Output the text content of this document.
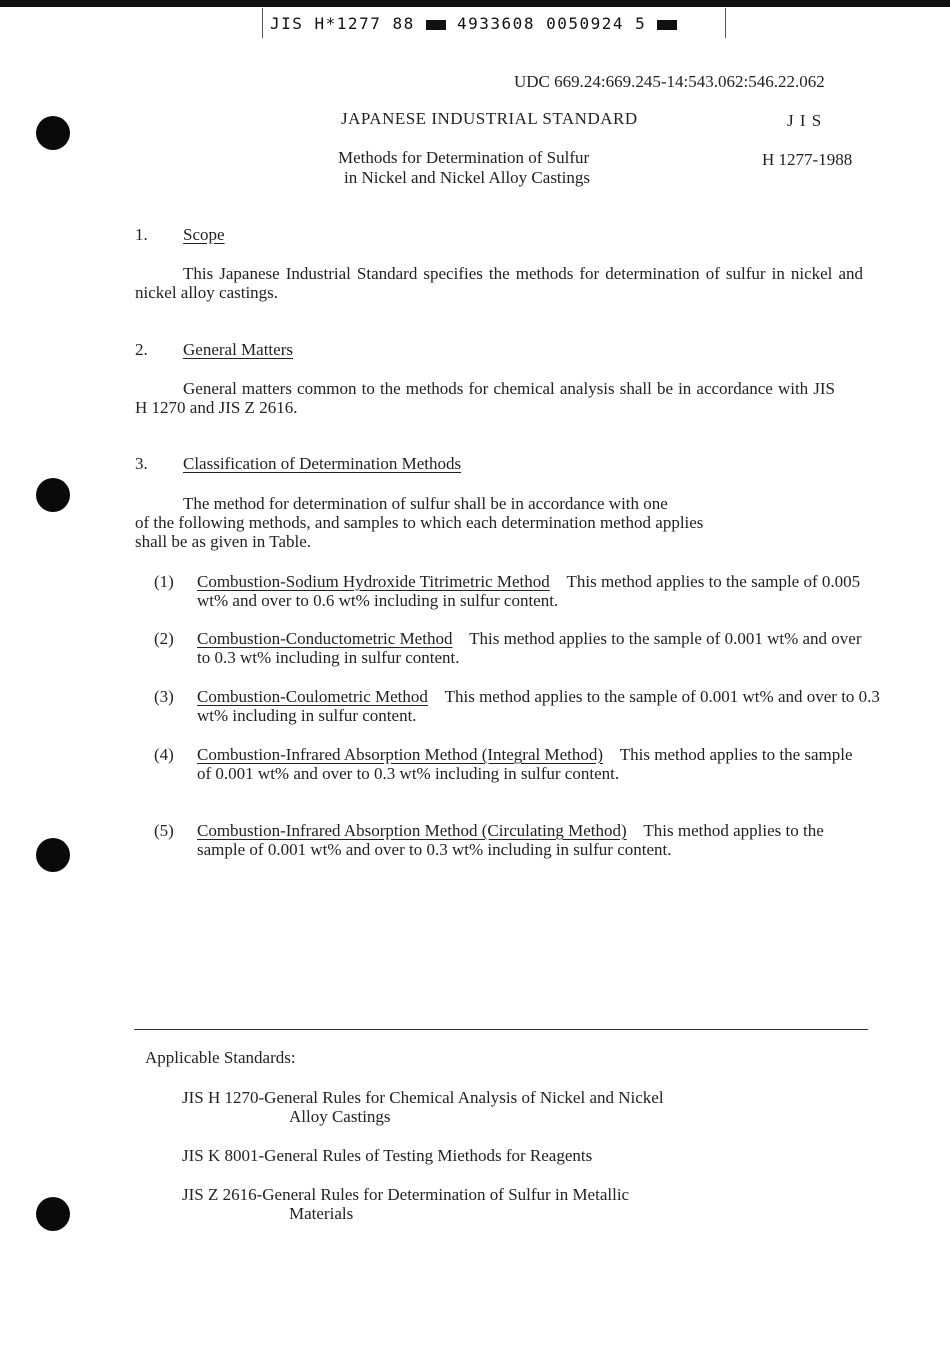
JIS H*1277 88	4933608 0050924 5
UDC 669.24:669.245-14:543.062:546.22.062
JAPANESE INDUSTRIAL STANDARD	J I S
Methods for Determination of Sulfur
in Nickel and Nickel Alloy Castings
H 1277-1988
1. Scope
This Japanese Industrial Standard specifies the methods for determination of sulfur in nickel and nickel alloy castings.
2. General Matters
General matters common to the methods for chemical analysis shall be in accordance with JIS H 1270 and JIS Z 2616.
3. Classification of Determination Methods
The method for determination of sulfur shall be in accordance with one
of the following methods, and samples to which each determination method applies
shall be as given in Table.
(1) Combustion-Sodium Hydroxide Titrimetric Method This method applies to the sample of 0.005 wt% and over to 0.6 wt% including in sulfur content.
(2) Combustion-Conductometric Method This method applies to the sample of 0.001 wt% and over to 0.3 wt% including in sulfur content.
(3) Combustion-Coulometric Method This method applies to the sample of 0.001 wt% and over to 0.3 wt% including in sulfur content.
(4) Combustion-Infrared Absorption Method (Integral Method) This method applies to the sample of 0.001 wt% and over to 0.3 wt% including in sulfur content.
(5) Combustion-Infrared Absorption Method (Circulating Method) This method applies to the sample of 0.001 wt% and over to 0.3 wt% including in sulfur content.
Applicable Standards:
JIS H 1270-General Rules for Chemical Analysis of Nickel and Nickel
Alloy Castings
JIS K 8001-General Rules of Testing Miethods for Reagents
JIS Z 2616-General Rules for Determination of Sulfur in Metallic
Materials
